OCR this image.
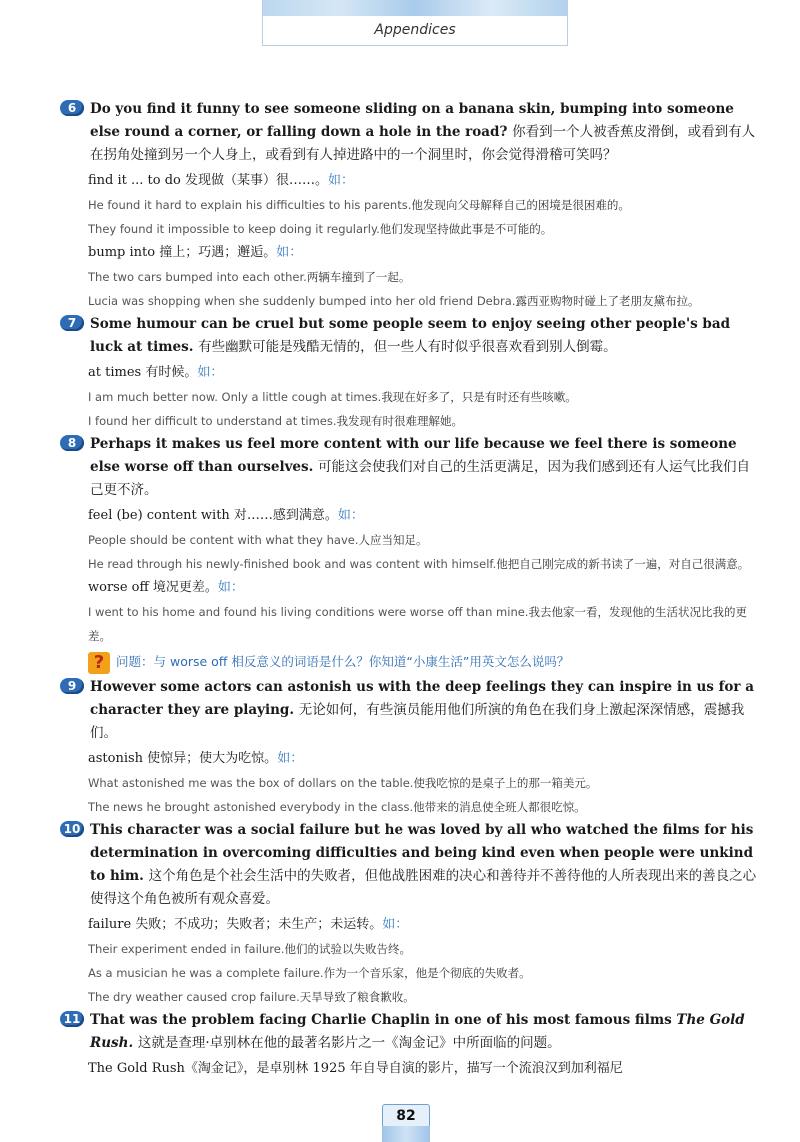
Appendices
6	Do you find it funny to see someone sliding on a banana skin, bumping into someone else round a corner, or falling down a hole in the road? 你看到一个人被香蕉皮滑倒，或看到有人在拐角处撞到另一个人身上，或看到有人掉进路中的一个洞里时，你会觉得滑稽可笑吗？
find it ... to do 发现做（某事）很……。如：
He found it hard to explain his difficulties to his parents.他发现向父母解释自己的困境是很困难的。
They found it impossible to keep doing it regularly.他们发现坚持做此事是不可能的。
bump into 撞上；巧遇；邂逅。如：
The two cars bumped into each other.两辆车撞到了一起。
Lucia was shopping when she suddenly bumped into her old friend Debra.露西亚购物时碰上了老朋友黛布拉。
7	Some humour can be cruel but some people seem to enjoy seeing other people's bad luck at times. 有些幽默可能是残酷无情的，但一些人有时似乎很喜欢看到别人倒霉。
at times 有时候。如：
I am much better now. Only a little cough at times.我现在好多了，只是有时还有些咳嗽。
I found her difficult to understand at times.我发现有时很难理解她。
8	Perhaps it makes us feel more content with our life because we feel there is someone else worse off than ourselves. 可能这会使我们对自己的生活更满足，因为我们感到还有人运气比我们自己更不济。
feel (be) content with 对……感到满意。如：
People should be content with what they have.人应当知足。
He read through his newly-finished book and was content with himself.他把自己刚完成的新书读了一遍，对自己很满意。
worse off 境况更差。如：
I went to his home and found his living conditions were worse off than mine.我去他家一看，发现他的生活状况比我的更差。
? 问题：与 worse off 相反意义的词语是什么？你知道“小康生活”用英文怎么说吗？
9	However some actors can astonish us with the deep feelings they can inspire in us for a character they are playing. 无论如何，有些演员能用他们所演的角色在我们身上激起深深情感，震撼我们。
astonish 使惊异；使大为吃惊。如：
What astonished me was the box of dollars on the table.使我吃惊的是桌子上的那一箱美元。
The news he brought astonished everybody in the class.他带来的消息使全班人都很吃惊。
10 This character was a social failure but he was loved by all who watched the films for his determination in overcoming difficulties and being kind even when people were unkind to him. 这个角色是个社会生活中的失败者，但他战胜困难的决心和善待并不善待他的人所表现出来的善良之心使得这个角色被所有观众喜爱。
failure 失败；不成功；失败者；未生产；未运转。如：
Their experiment ended in failure.他们的试验以失败告终。
As a musician he was a complete failure.作为一个音乐家，他是个彻底的失败者。
The dry weather caused crop failure.天旱导致了粮食歉收。
11 That was the problem facing Charlie Chaplin in one of his most famous films The Gold Rush. 这就是查理·卓别林在他的最著名影片之一《淘金记》中所面临的问题。
The Gold Rush《淘金记》，是卓别林 1925 年自导自演的影片，描写一个流浪汉到加利福尼
82
